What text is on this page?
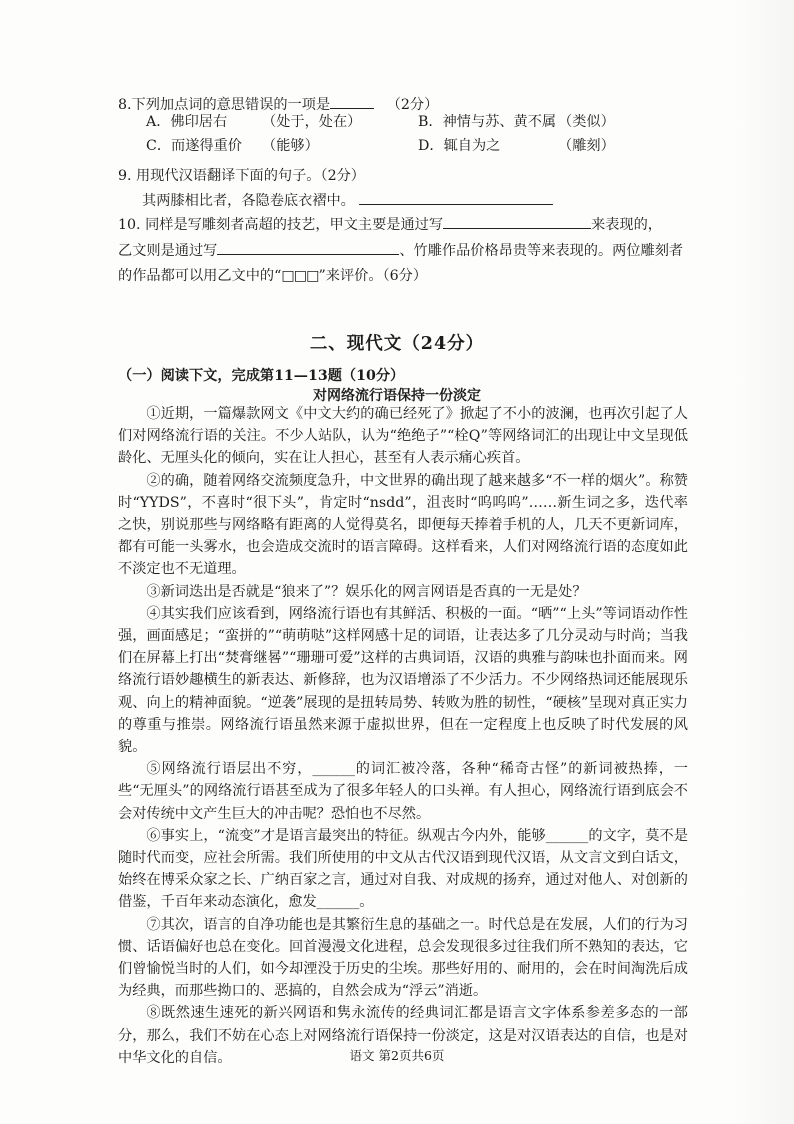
8.下列加点词的意思错误的一项是	（2分）
A．佛印居右 （处于，处在）	B．神情与苏、黄不属 （类似）
C．而遂得重价 （能够）	D．辄自为之	（雕刻）
9. 用现代汉语翻译下面的句子。（2分）
其两膝相比者，各隐卷底衣褶中。
10. 同样是写雕刻者高超的技艺，甲文主要是通过写	来表现的，
乙文则是通过写	、竹雕作品价格昂贵等来表现的。两位雕刻者
的作品都可以用乙文中的“□□□”来评价。（6分）
二、现代文（24分）
（一）阅读下文，完成第11—13题（10分）
对网络流行语保持一份淡定

①近期，一篇爆款网文《中文大约的确已经死了》掀起了不小的波澜，也再次引起了人们对网络流行语的关注。不少人站队，认为“绝绝子”“栓Q”等网络词汇的出现让中文呈现低龄化、无厘头化的倾向，实在让人担心，甚至有人表示痛心疾首。

②的确，随着网络交流频度急升，中文世界的确出现了越来越多“不一样的烟火”。称赞时“YYDS”，不喜时“很下头”，肯定时“nsdd”，沮丧时“呜呜呜”……新生词之多，迭代率之快，别说那些与网络略有距离的人觉得莫名，即便每天捧着手机的人，几天不更新词库，都有可能一头雾水，也会造成交流时的语言障碍。这样看来，人们对网络流行语的态度如此不淡定也不无道理。

③新词迭出是否就是“狼来了”？娱乐化的网言网语是否真的一无是处？

④其实我们应该看到，网络流行语也有其鲜活、积极的一面。“晒”“上头”等词语动作性强，画面感足；“蛮拼的”“萌萌哒”这样网感十足的词语，让表达多了几分灵动与时尚；当我们在屏幕上打出“焚膏继晷”“珊珊可爱”这样的古典词语，汉语的典雅与韵味也扑面而来。网络流行语妙趣横生的新表达、新修辞，也为汉语增添了不少活力。不少网络热词还能展现乐观、向上的精神面貌。“逆袭”展现的是扭转局势、转败为胜的韧性，“硬核”呈现对真正实力的尊重与推崇。网络流行语虽然来源于虚拟世界，但在一定程度上也反映了时代发展的风貌。

⑤网络流行语层出不穷，______的词汇被冷落，各种“稀奇古怪”的新词被热捧，一些“无厘头”的网络流行语甚至成为了很多年轻人的口头禅。有人担心，网络流行语到底会不会对传统中文产生巨大的冲击呢？恐怕也不尽然。

⑥事实上，“流变”才是语言最突出的特征。纵观古今内外，能够______的文字，莫不是随时代而变，应社会所需。我们所使用的中文从古代汉语到现代汉语，从文言文到白话文，始终在博采众家之长、广纳百家之言，通过对自我、对成规的扬弃，通过对他人、对创新的借鉴，千百年来动态演化，愈发______。

⑦其次，语言的自净功能也是其繁衍生息的基础之一。时代总是在发展，人们的行为习惯、话语偏好也总在变化。回首漫漫文化进程，总会发现很多过往我们所不熟知的表达，它们曾愉悦当时的人们，如今却湮没于历史的尘埃。那些好用的、耐用的，会在时间淘洗后成为经典，而那些拗口的、恶搞的，自然会成为“浮云”消逝。

⑧既然速生速死的新兴网语和隽永流传的经典词汇都是语言文字体系参差多态的一部分，那么，我们不妨在心态上对网络流行语保持一份淡定，这是对汉语表达的自信，也是对中华文化的自信。	语文 第2页共6页
